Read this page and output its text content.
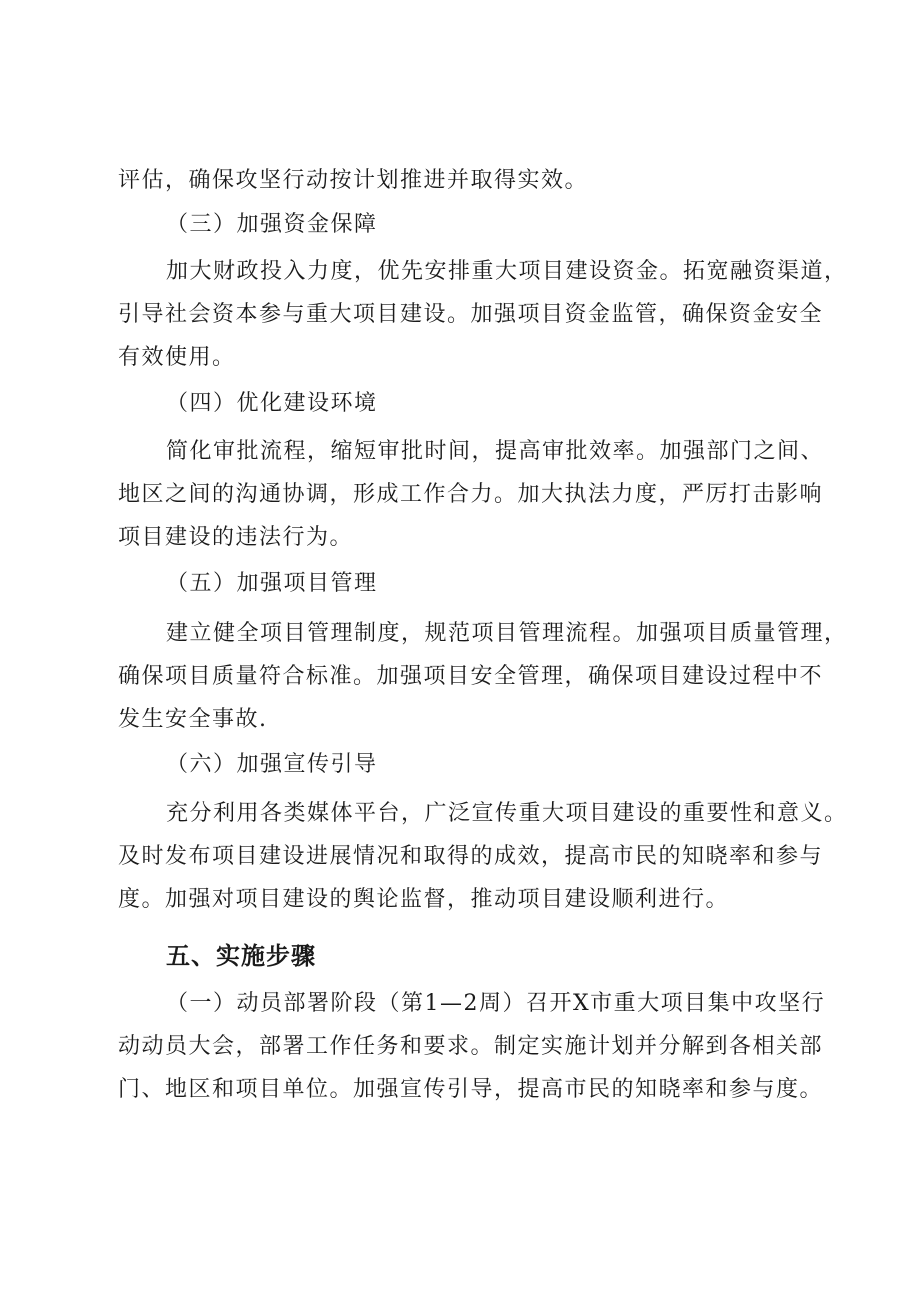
评估，确保攻坚行动按计划推进并取得实效。
（三）加强资金保障
加大财政投入力度，优先安排重大项目建设资金。拓宽融资渠道，
引导社会资本参与重大项目建设。加强项目资金监管，确保资金安全
有效使用。
（四）优化建设环境
简化审批流程，缩短审批时间，提高审批效率。加强部门之间、
地区之间的沟通协调，形成工作合力。加大执法力度，严厉打击影响
项目建设的违法行为。
（五）加强项目管理
建立健全项目管理制度，规范项目管理流程。加强项目质量管理，
确保项目质量符合标准。加强项目安全管理，确保项目建设过程中不
发生安全事故.
（六）加强宣传引导
充分利用各类媒体平台，广泛宣传重大项目建设的重要性和意义。
及时发布项目建设进展情况和取得的成效，提高市民的知晓率和参与
度。加强对项目建设的舆论监督，推动项目建设顺利进行。
五、实施步骤
（一）动员部署阶段（第1—2周）召开X市重大项目集中攻坚行
动动员大会，部署工作任务和要求。制定实施计划并分解到各相关部
门、地区和项目单位。加强宣传引导，提高市民的知晓率和参与度。
